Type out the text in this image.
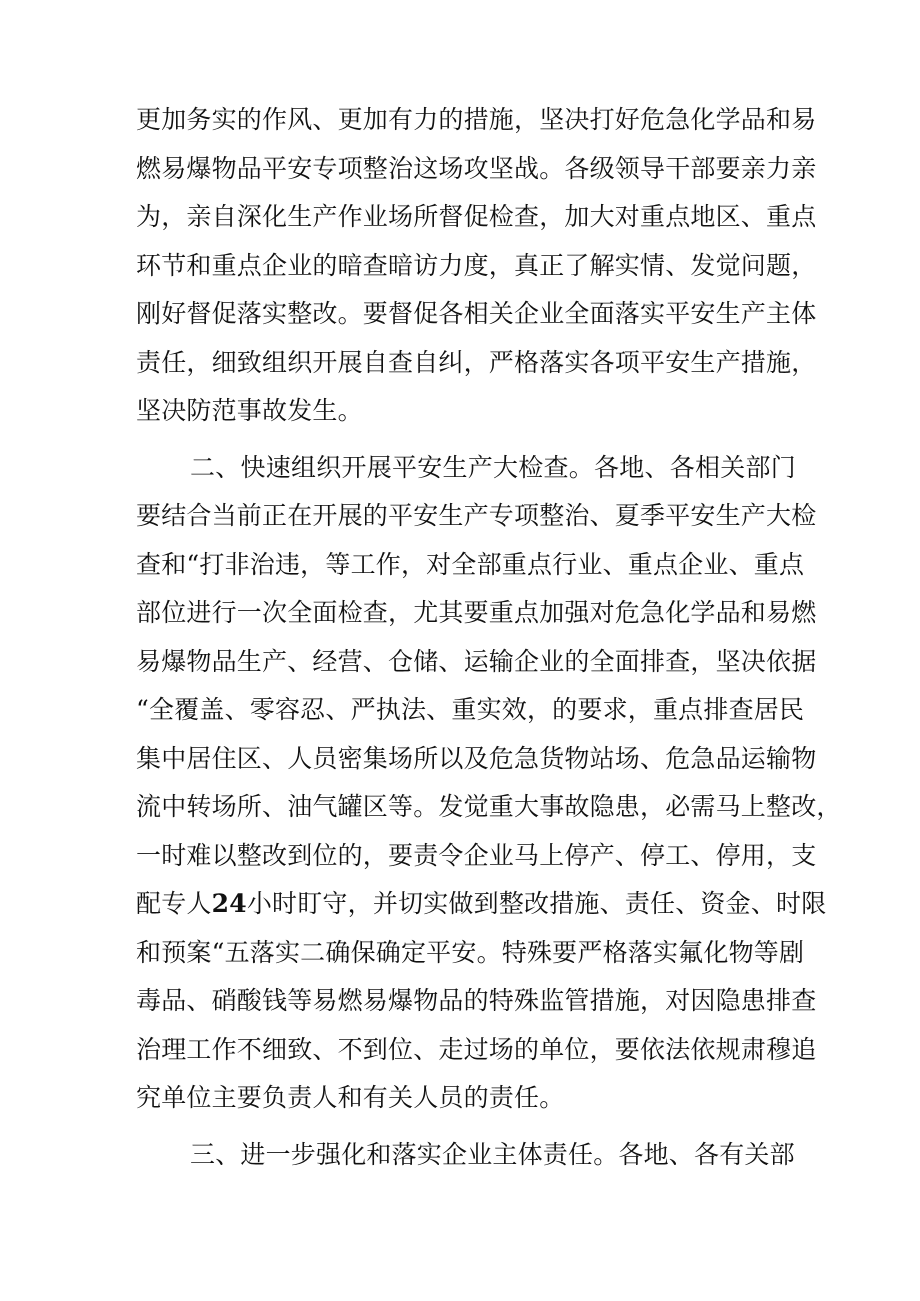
更加务实的作风、更加有力的措施，坚决打好危急化学品和易
燃易爆物品平安专项整治这场攻坚战。各级领导干部要亲力亲
为，亲自深化生产作业场所督促检查，加大对重点地区、重点
环节和重点企业的暗查暗访力度，真正了解实情、发觉问题，
刚好督促落实整改。要督促各相关企业全面落实平安生产主体
责任，细致组织开展自查自纠，严格落实各项平安生产措施，
坚决防范事故发生。
二、快速组织开展平安生产大检查。各地、各相关部门
要结合当前正在开展的平安生产专项整治、夏季平安生产大检
查和“打非治违，等工作，对全部重点行业、重点企业、重点
部位进行一次全面检查，尤其要重点加强对危急化学品和易燃
易爆物品生产、经营、仓储、运输企业的全面排查，坚决依据
“全覆盖、零容忍、严执法、重实效，的要求，重点排查居民
集中居住区、人员密集场所以及危急货物站场、危急品运输物
流中转场所、油气罐区等。发觉重大事故隐患，必需马上整改，
一时难以整改到位的，要责令企业马上停产、停工、停用，支
配专人24小时盯守，并切实做到整改措施、责任、资金、时限
和预案“五落实二确保确定平安。特殊要严格落实氟化物等剧
毒品、硝酸钱等易燃易爆物品的特殊监管措施，对因隐患排查
治理工作不细致、不到位、走过场的单位，要依法依规肃穆追
究单位主要负责人和有关人员的责任。
三、进一步强化和落实企业主体责任。各地、各有关部
